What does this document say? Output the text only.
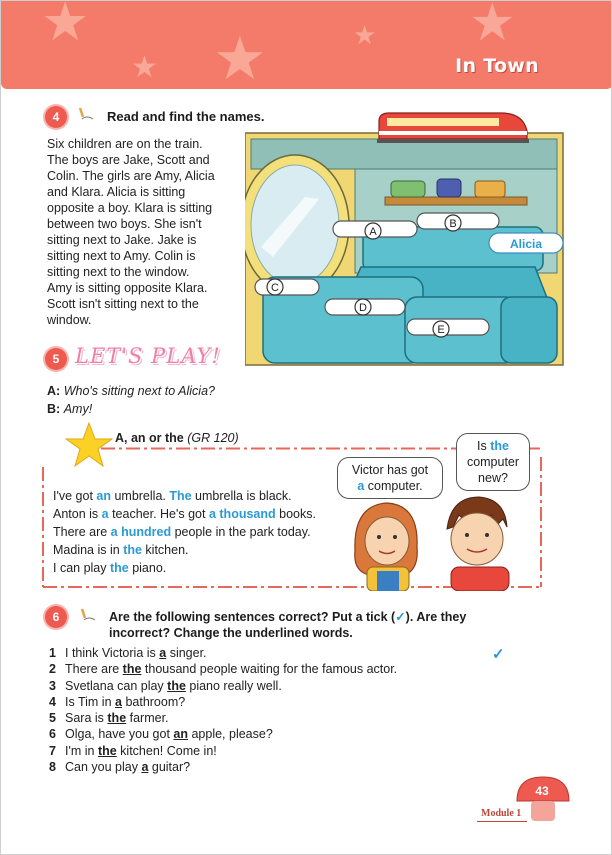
★
★	★ ★
★	In Town
4	Read and find the names.

Six children are on the train.

The boys are Jake, Scott and

Colin. The girls are Amy, Alicia

and Klara. Alicia is sitting

opposite a boy. Klara is sitting

between two boys. She isn't

sitting next to Jake. Jake is

sitting next to Amy. Colin is

sitting next to the window.

Amy is sitting opposite Klara.

Scott isn't sitting next to the

window.

A
B
C
D
E
Alicia
5 LET'S PLAY!
A: Who's sitting next to Alicia?
B: Amy!
A, an or the (GR 120)
I've got an umbrella. The umbrella is black.
Anton is a teacher. He's got a thousand books.
There are a hundred people in the park today.
Madina is in the kitchen.
I can play the piano.
Victor has got
a computer.
Is the
computer
new?
6	Are the following sentences correct? Put a tick (✓). Are they incorrect? Change the underlined words.
✓
1 I think Victoria is a singer.
2 There are the thousand people waiting for the famous actor.
3 Svetlana can play the piano really well.
4 Is Tim in a bathroom?
5 Sara is the farmer.
6 Olga, have you got an apple, please?
7 I'm in the kitchen! Come in!
8 Can you play a guitar?
43
Module 1
